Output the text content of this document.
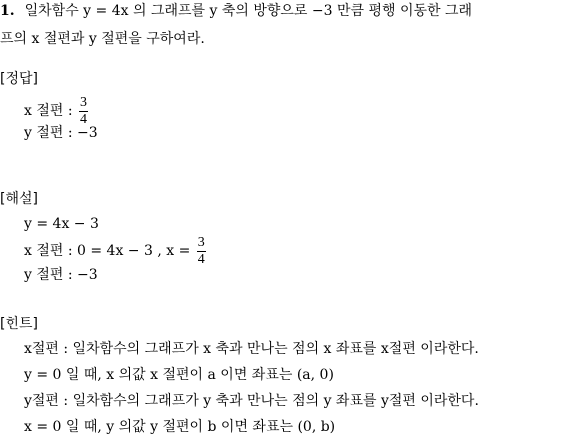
1. 일차함수 y = 4x 의 그래프를 y 축의 방향으로 −3 만큼 평행 이동한 그래
프의 x 절편과 y 절편을 구하여라.
[정답]
x 절편 : $\frac{3}{4}$
y 절편 : −3
[해설]
y = 4x − 3
x 절편 : 0 = 4x − 3 , $x = \frac{3}{4}$
y 절편 : −3
[힌트]
x절편 : 일차함수의 그래프가 x 축과 만나는 점의 x 좌표를 x절편 이라한다.
y = 0 일 때, x 의값 x 절편이 a 이면 좌표는 (a, 0)
y절편 : 일차함수의 그래프가 y 축과 만나는 점의 y 좌표를 y절편 이라한다.
x = 0 일 때, y 의값 y 절편이 b 이면 좌표는 (0, b)
